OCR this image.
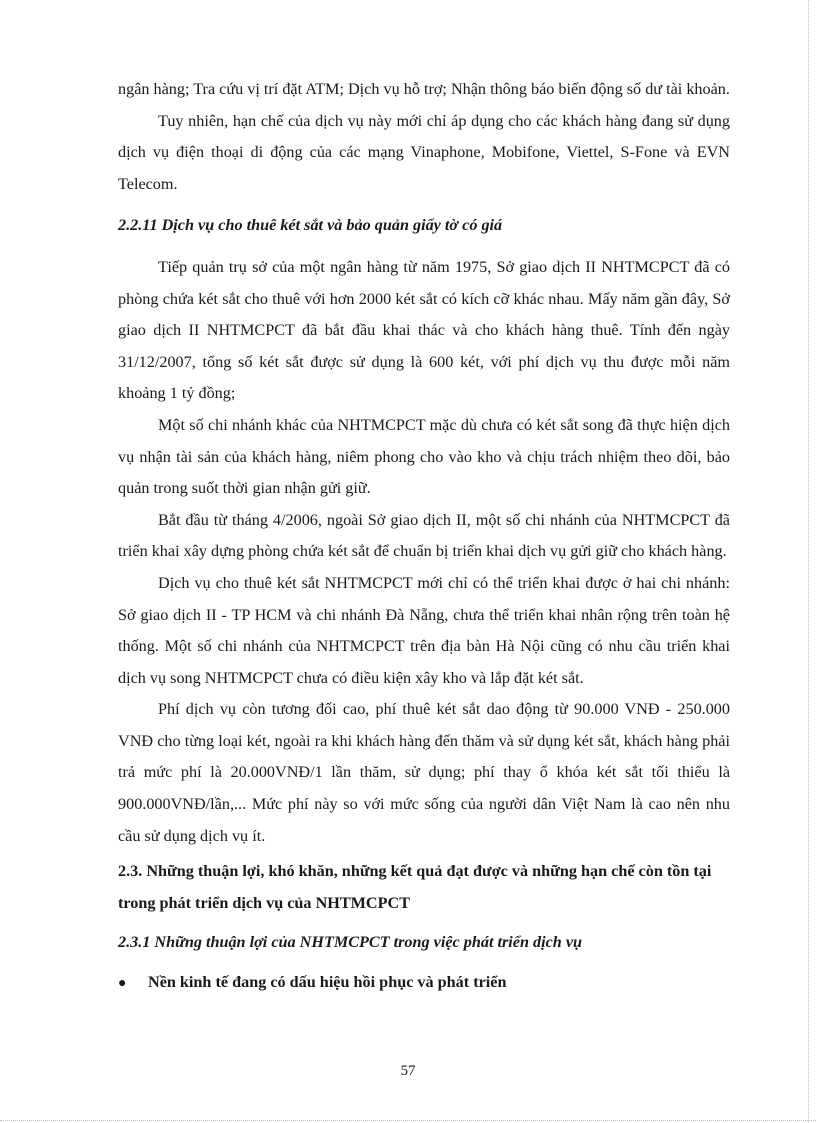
ngân hàng; Tra cứu vị trí đặt ATM; Dịch vụ hỗ trợ; Nhận thông báo biến động số dư tài khoản.

Tuy nhiên, hạn chế của dịch vụ này mới chỉ áp dụng cho các khách hàng đang sử dụng dịch vụ điện thoại di động của các mạng Vinaphone, Mobifone, Viettel, S-Fone và EVN Telecom.

2.2.11 Dịch vụ cho thuê két sắt và bảo quản giấy tờ có giá

Tiếp quản trụ sở của một ngân hàng từ năm 1975, Sở giao dịch II NHTMCPCT đã có phòng chứa két sắt cho thuê với hơn 2000 két sắt có kích cỡ khác nhau. Mấy năm gần đây, Sở giao dịch II NHTMCPCT đã bắt đầu khai thác và cho khách hàng thuê. Tính đến ngày 31/12/2007, tổng số két sắt được sử dụng là 600 két, với phí dịch vụ thu được mỗi năm khoảng 1 tỷ đồng;

Một số chi nhánh khác của NHTMCPCT mặc dù chưa có két sắt song đã thực hiện dịch vụ nhận tài sản của khách hàng, niêm phong cho vào kho và chịu trách nhiệm theo dõi, bảo quản trong suốt thời gian nhận gửi giữ.

Bắt đầu từ tháng 4/2006, ngoài Sở giao dịch II, một số chi nhánh của NHTMCPCT đã triển khai xây dựng phòng chứa két sắt để chuẩn bị triển khai dịch vụ gửi giữ cho khách hàng.

Dịch vụ cho thuê két sắt NHTMCPCT mới chỉ có thể triển khai được ở hai chi nhánh: Sở giao dịch II - TP HCM và chi nhánh Đà Nẵng, chưa thể triển khai nhân rộng trên toàn hệ thống. Một số chi nhánh của NHTMCPCT trên địa bàn Hà Nội cũng có nhu cầu triển khai dịch vụ song NHTMCPCT chưa có điều kiện xây kho và lắp đặt két sắt.

Phí dịch vụ còn tương đối cao, phí thuê két sắt dao động từ 90.000 VNĐ - 250.000 VNĐ cho từng loại két, ngoài ra khi khách hàng đến thăm và sử dụng két sắt, khách hàng phải trả mức phí là 20.000VNĐ/1 lần thăm, sử dụng; phí thay ổ khóa két sắt tối thiểu là 900.000VNĐ/lần,... Mức phí này so với mức sống của người dân Việt Nam là cao nên nhu cầu sử dụng dịch vụ ít.

2.3. Những thuận lợi, khó khăn, những kết quả đạt được và những hạn chế còn tồn tại trong phát triển dịch vụ của NHTMCPCT
2.3.1 Những thuận lợi của NHTMCPCT trong việc phát triển dịch vụ
●	Nền kinh tế đang có dấu hiệu hồi phục và phát triển
57
